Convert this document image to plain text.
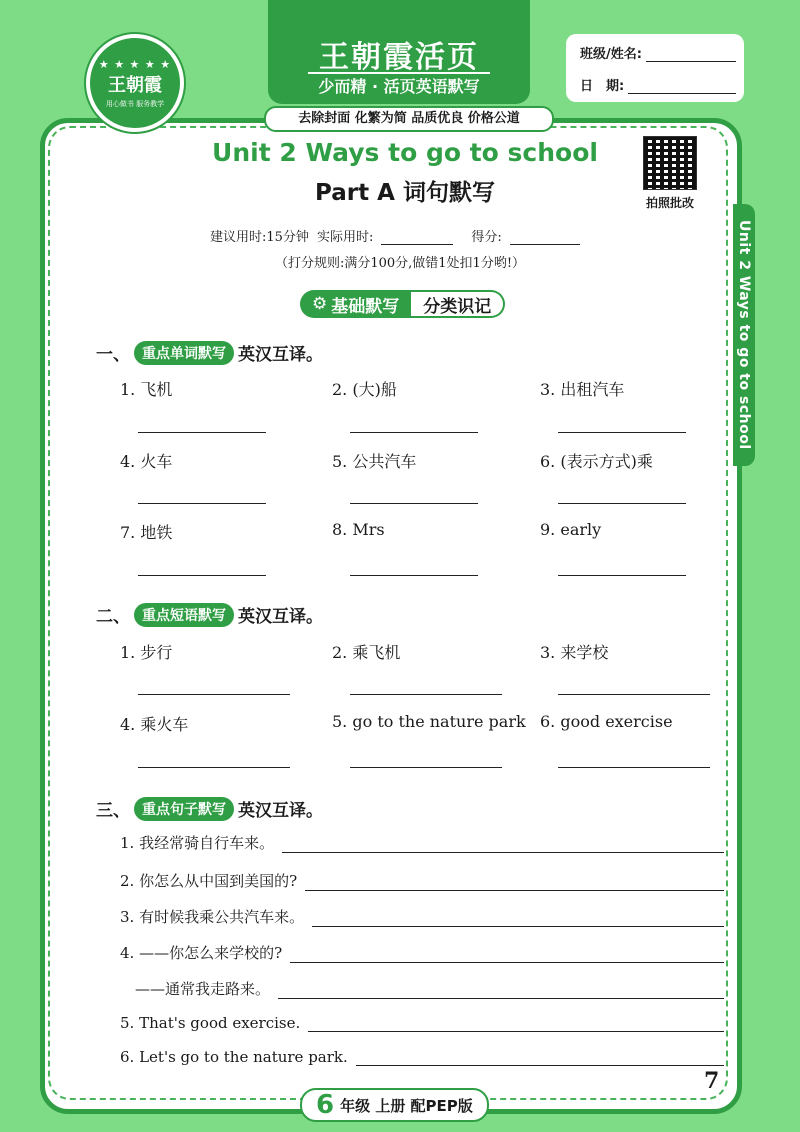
★ ★ ★ ★ ★
王朝霞
用心做书 服务教学
王朝霞活页
少而精 · 活页英语默写
去除封面 化繁为简 品质优良 价格公道
班级/姓名:
日　期:
Unit 2 Ways to go to school
Part A 词句默写	拍照批改
建议用时:15分钟 实际用时:	得分:
（打分规则:满分100分,做错1处扣1分哟!）
⚙ 基础默写	分类识记
一、 重点单词默写 英汉互译。
1. 飞机	2. (大)船	3. 出租汽车
4. 火车	5. 公共汽车	6. (表示方式)乘
7. 地铁	8. Mrs	9. early
二、 重点短语默写 英汉互译。
1. 步行	2. 乘飞机	3. 来学校
4. 乘火车	5. go to the nature park 6. good exercise
三、 重点句子默写 英汉互译。
1. 我经常骑自行车来。
2. 你怎么从中国到美国的?
3. 有时候我乘公共汽车来。
4. ——你怎么来学校的?
　——通常我走路来。
5. That's good exercise.
6. Let's go to the nature park.
Unit 2 Ways to go to school
7
6 年级 上册 配PEP版
